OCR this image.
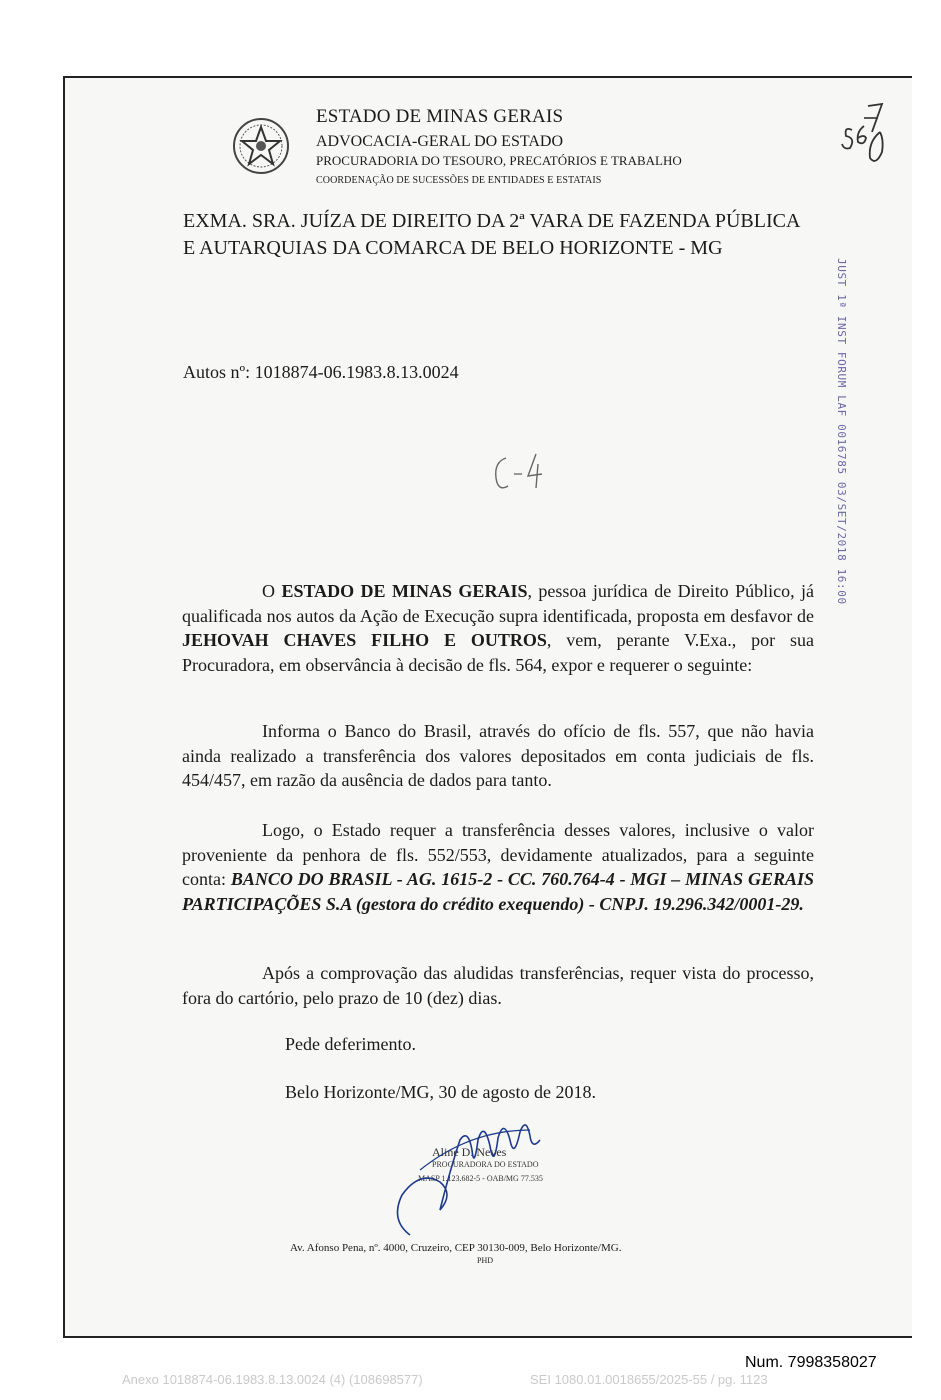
ESTADO DE MINAS GERAIS
ADVOCACIA-GERAL DO ESTADO
PROCURADORIA DO TESOURO, PRECATÓRIOS E TRABALHO
COORDENAÇÃO DE SUCESSÕES DE ENTIDADES E ESTATAIS
EXMA. SRA. JUÍZA DE DIREITO DA 2ª VARA DE FAZENDA PÚBLICA
E AUTARQUIAS DA COMARCA DE BELO HORIZONTE - MG
JUST 1ª INST FORUM LAF 0016785 03/SET/2018 16:00
Autos nº: 1018874-06.1983.8.13.0024
O ESTADO DE MINAS GERAIS, pessoa jurídica de Direito Público, já qualificada nos autos da Ação de Execução supra identificada, proposta em desfavor de JEHOVAH CHAVES FILHO E OUTROS, vem, perante V.Exa., por sua Procuradora, em observância à decisão de fls. 564, expor e requerer o seguinte:
Informa o Banco do Brasil, através do ofício de fls. 557, que não havia ainda realizado a transferência dos valores depositados em conta judiciais de fls. 454/457, em razão da ausência de dados para tanto.
Logo, o Estado requer a transferência desses valores, inclusive o valor proveniente da penhora de fls. 552/553, devidamente atualizados, para a seguinte conta: BANCO DO BRASIL - AG. 1615-2 - CC. 760.764-4 - MGI – MINAS GERAIS PARTICIPAÇÕES S.A (gestora do crédito exequendo) - CNPJ. 19.296.342/0001-29.
Após a comprovação das aludidas transferências, requer vista do processo, fora do cartório, pelo prazo de 10 (dez) dias.
Pede deferimento.
Belo Horizonte/MG, 30 de agosto de 2018.
Aline D. Neves
PROCURADORA DO ESTADO
MASP 1.123.682-5 - OAB/MG 77.535
Av. Afonso Pena, nº. 4000, Cruzeiro, CEP 30130-009, Belo Horizonte/MG.
PHD
Num. 7998358027
Anexo 1018874-06.1983.8.13.0024 (4) (108698577)	SEI 1080.01.0018655/2025-55 / pg. 1123
